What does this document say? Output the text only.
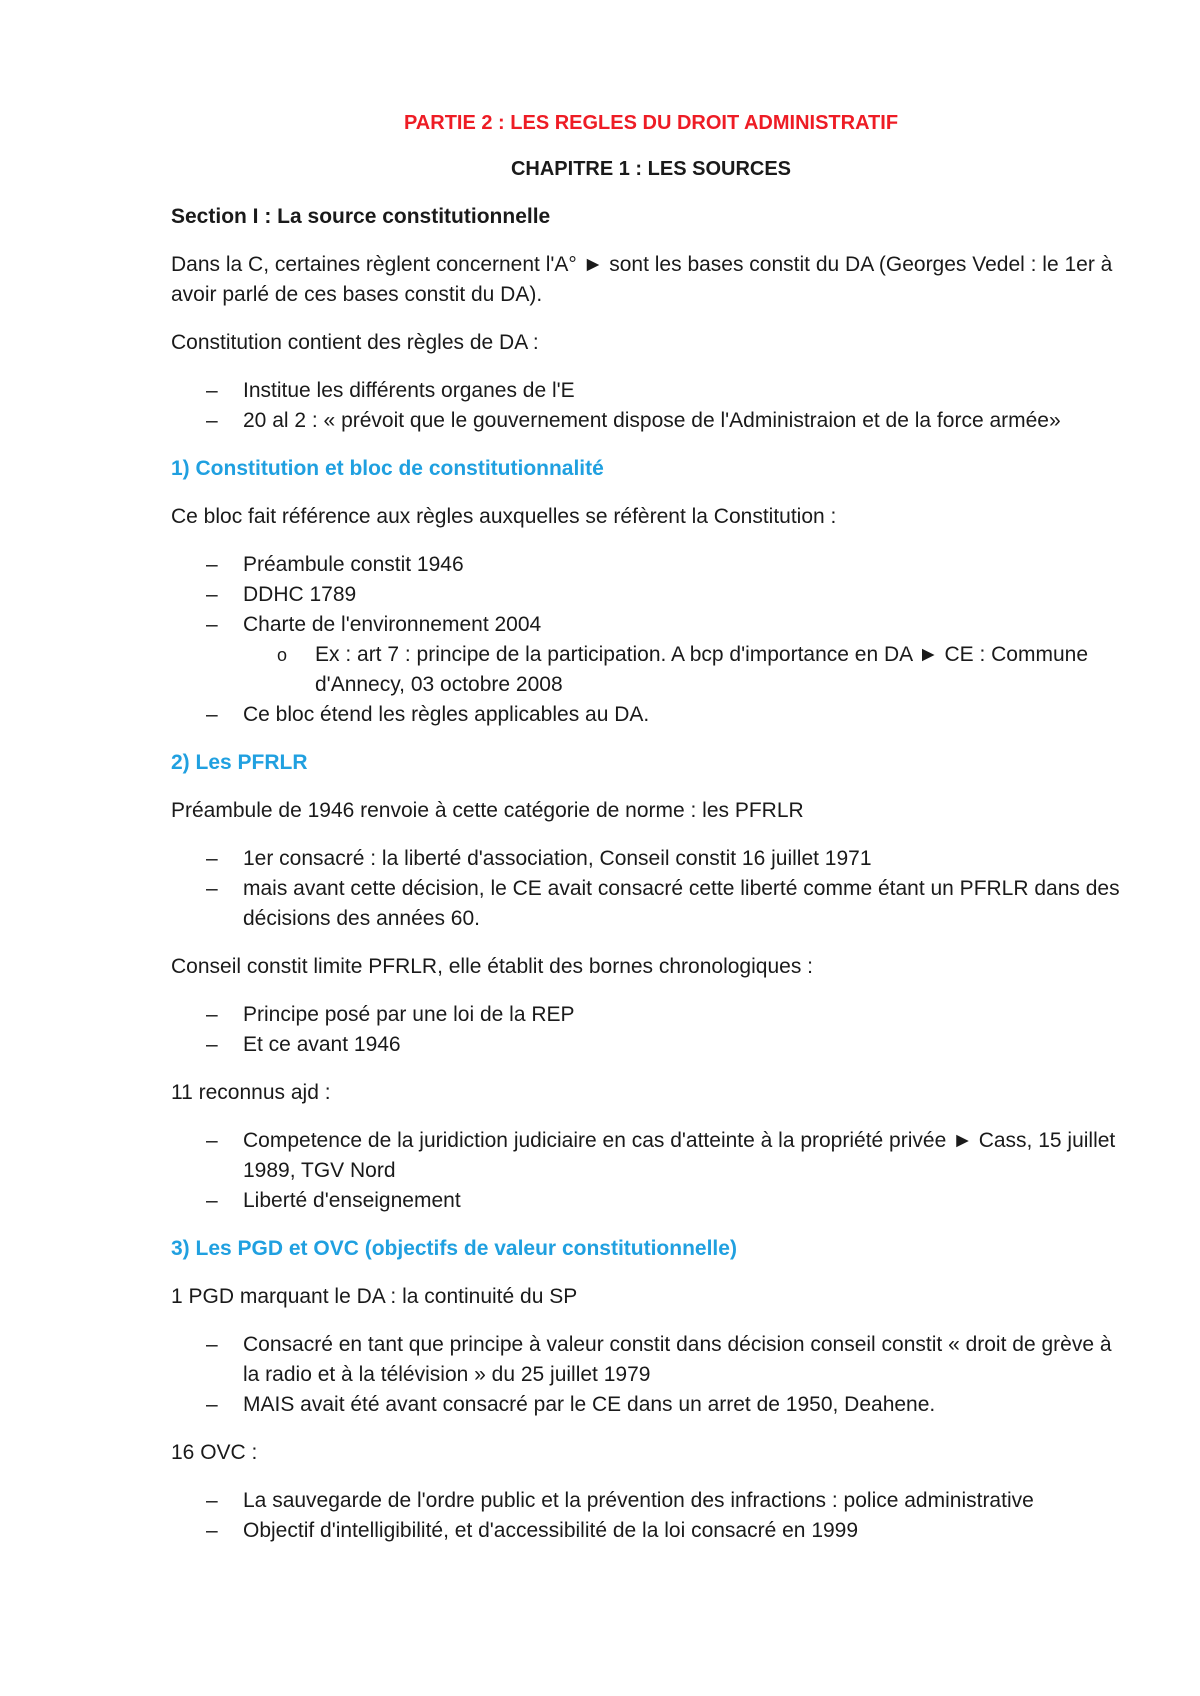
PARTIE 2 : LES REGLES DU DROIT ADMINISTRATIF
CHAPITRE 1 : LES SOURCES
Section I : La source constitutionnelle

Dans la C, certaines règlent concernent l'A° ► sont les bases constit du DA (Georges Vedel : le 1er à avoir parlé de ces bases constit du DA).

Constitution contient des règles de DA :

– Institue les différents organes de l'E
– 20 al 2 : « prévoit que le gouvernement dispose de l'Administraion et de la force armée»
1) Constitution et bloc de constitutionnalité

Ce bloc fait référence aux règles auxquelles se réfèrent la Constitution :

– Préambule constit 1946
– DDHC 1789
– Charte de l'environnement 2004
o Ex : art 7 : principe de la participation. A bcp d'importance en DA ► CE : Commune d'Annecy, 03 octobre 2008
– Ce bloc étend les règles applicables au DA.
2) Les PFRLR

Préambule de 1946 renvoie à cette catégorie de norme : les PFRLR

– 1er consacré : la liberté d'association, Conseil constit 16 juillet 1971
– mais avant cette décision, le CE avait consacré cette liberté comme étant un PFRLR dans des décisions des années 60.

Conseil constit limite PFRLR, elle établit des bornes chronologiques :

– Principe posé par une loi de la REP
– Et ce avant 1946

11 reconnus ajd :

– Competence de la juridiction judiciaire en cas d'atteinte à la propriété privée ► Cass, 15 juillet 1989, TGV Nord
– Liberté d'enseignement
3) Les PGD et OVC (objectifs de valeur constitutionnelle)

1 PGD marquant le DA : la continuité du SP

– Consacré en tant que principe à valeur constit dans décision conseil constit « droit de grève à la radio et à la télévision » du 25 juillet 1979
– MAIS avait été avant consacré par le CE dans un arret de 1950, Deahene.

16 OVC :

– La sauvegarde de l'ordre public et la prévention des infractions : police administrative
– Objectif d'intelligibilité, et d'accessibilité de la loi consacré en 1999
